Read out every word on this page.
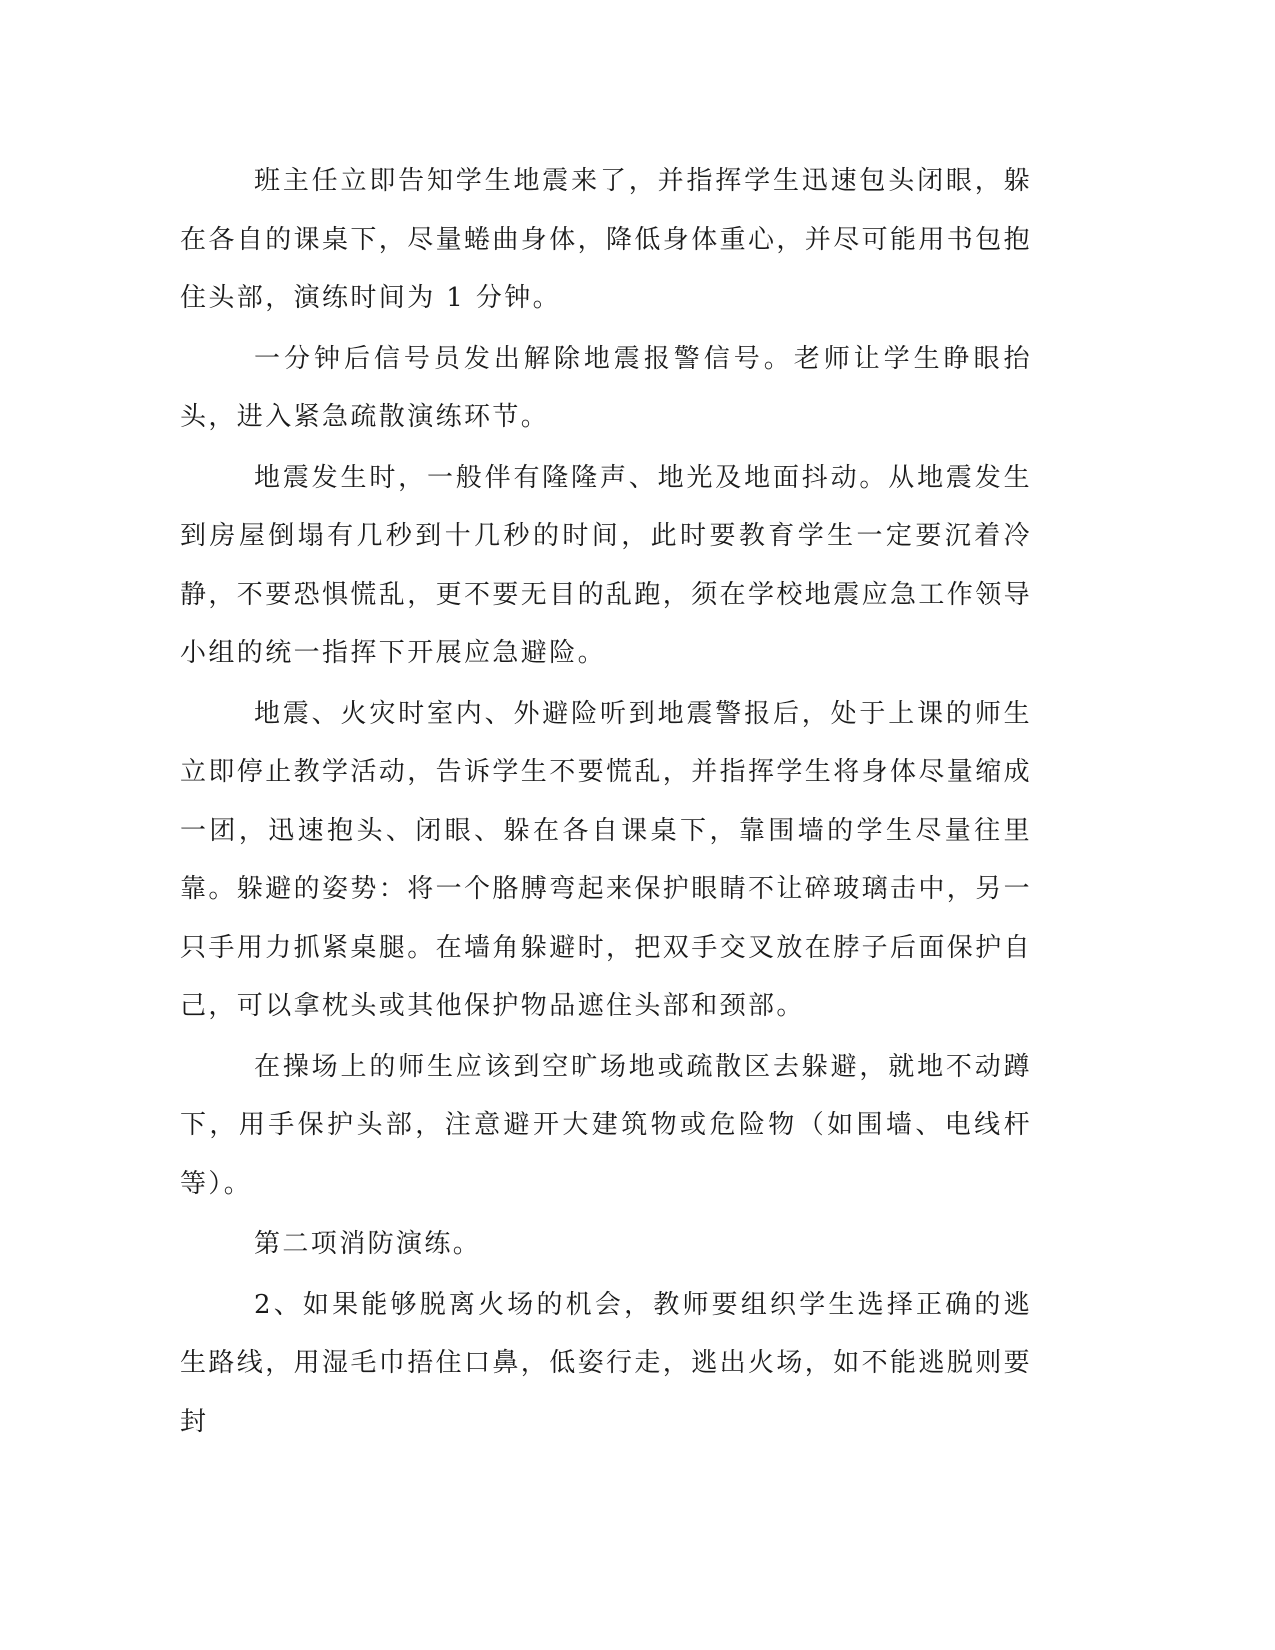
班主任立即告知学生地震来了，并指挥学生迅速包头闭眼，躲在各自的课桌下，尽量蜷曲身体，降低身体重心，并尽可能用书包抱住头部，演练时间为 1 分钟。

一分钟后信号员发出解除地震报警信号。老师让学生睁眼抬头，进入紧急疏散演练环节。

地震发生时，一般伴有隆隆声、地光及地面抖动。从地震发生到房屋倒塌有几秒到十几秒的时间，此时要教育学生一定要沉着冷静，不要恐惧慌乱，更不要无目的乱跑，须在学校地震应急工作领导小组的统一指挥下开展应急避险。

地震、火灾时室内、外避险听到地震警报后，处于上课的师生立即停止教学活动，告诉学生不要慌乱，并指挥学生将身体尽量缩成一团，迅速抱头、闭眼、躲在各自课桌下，靠围墙的学生尽量往里靠。躲避的姿势：将一个胳膊弯起来保护眼睛不让碎玻璃击中，另一只手用力抓紧桌腿。在墙角躲避时，把双手交叉放在脖子后面保护自己，可以拿枕头或其他保护物品遮住头部和颈部。

在操场上的师生应该到空旷场地或疏散区去躲避，就地不动蹲下，用手保护头部，注意避开大建筑物或危险物（如围墙、电线杆等）。

第二项消防演练。

2、如果能够脱离火场的机会，教师要组织学生选择正确的逃生路线，用湿毛巾捂住口鼻，低姿行走，逃出火场，如不能逃脱则要封
